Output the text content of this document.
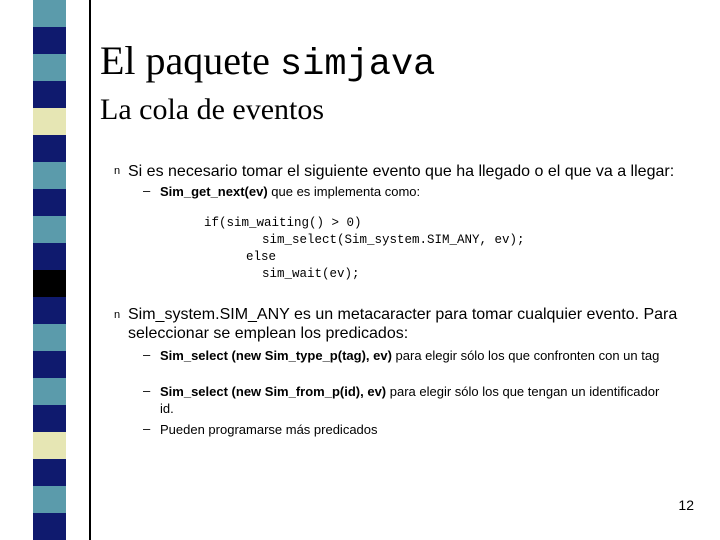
El paquete simjava
La cola de eventos
n Si es necesario tomar el siguiente evento que ha llegado o el que va a llegar:
– Sim_get_next(ev) que es implementa como:
if(sim_waiting() > 0)
sim_select(Sim_system.SIM_ANY, ev);
else
sim_wait(ev);
n Sim_system.SIM_ANY es un metacaracter para tomar cualquier evento. Para seleccionar se emplean los predicados:
– Sim_select (new Sim_type_p(tag), ev) para elegir sólo los que confronten con un tag
– Sim_select (new Sim_from_p(id), ev) para elegir sólo los que tengan un identificador id.
– Pueden programarse más predicados
12
